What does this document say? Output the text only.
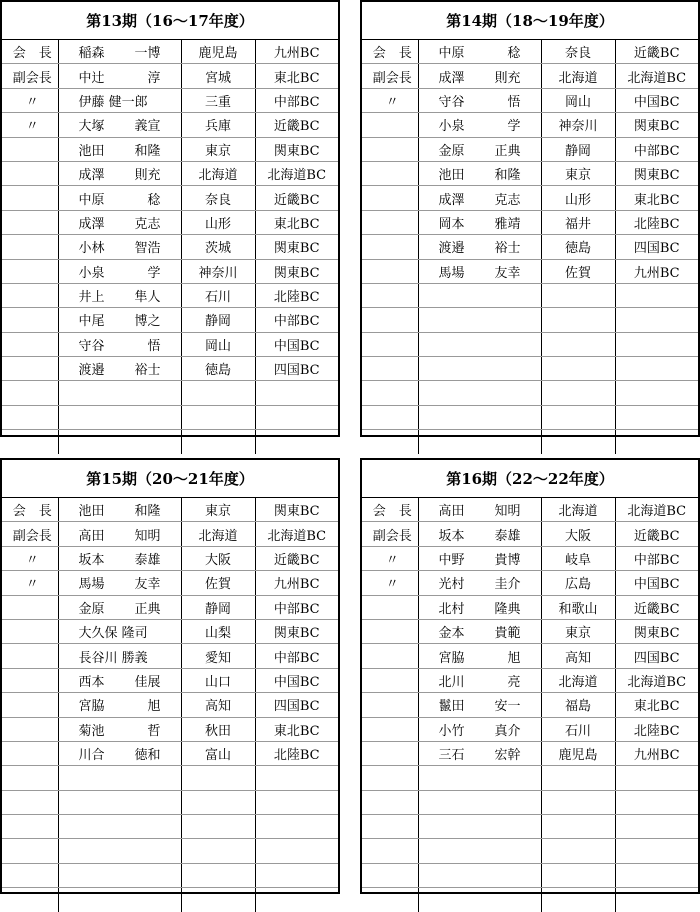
第13期（16～17年度）
会　長	稲森 一博	鹿児島	九州BC
副会長	中辻 淳	宮城	東北BC
〃	伊藤 健一郎	三重	中部BC
〃	大塚 義宣	兵庫	近畿BC

	池田 和隆	東京	関東BC

	成澤 則充	北海道	北海道BC

	中原 稔	奈良	近畿BC

	成澤 克志	山形	東北BC

	小林 智浩	茨城	関東BC

	小泉 学	神奈川	関東BC

	井上 隼人	石川	北陸BC

	中尾 博之	静岡	中部BC

	守谷 悟	岡山	中国BC

	渡邉 裕士	徳島	四国BC

第14期（18～19年度）
会　長	中原 稔	奈良	近畿BC
副会長	成澤 則充	北海道	北海道BC
〃	守谷 悟	岡山	中国BC

	小泉 学	神奈川	関東BC

	金原 正典	静岡	中部BC

	池田 和隆	東京	関東BC

	成澤 克志	山形	東北BC

	岡本 雅靖	福井	北陸BC

	渡邉 裕士	徳島	四国BC

	馬場 友幸	佐賀	九州BC

第15期（20～21年度）
会　長	池田 和隆	東京	関東BC
副会長	高田 知明	北海道	北海道BC
〃	坂本 泰雄	大阪	近畿BC
〃	馬場 友幸	佐賀	九州BC

	金原 正典	静岡	中部BC

	大久保 隆司	山梨	関東BC

	長谷川 勝義	愛知	中部BC

	西本 佳展	山口	中国BC

	宮脇 旭	高知	四国BC

	菊池 哲	秋田	東北BC

	川合 徳和	富山	北陸BC

第16期（22～22年度）
会　長	高田 知明	北海道	北海道BC
副会長	坂本 泰雄	大阪	近畿BC
〃	中野 貴博	岐阜	中部BC
〃	光村 圭介	広島	中国BC

	北村 隆典	和歌山	近畿BC

	金本 貴範	東京	関東BC

	宮脇 旭	高知	四国BC

	北川 亮	北海道	北海道BC

	鬣田 安一	福島	東北BC

	小竹 真介	石川	北陸BC

	三石 宏幹	鹿児島	九州BC
